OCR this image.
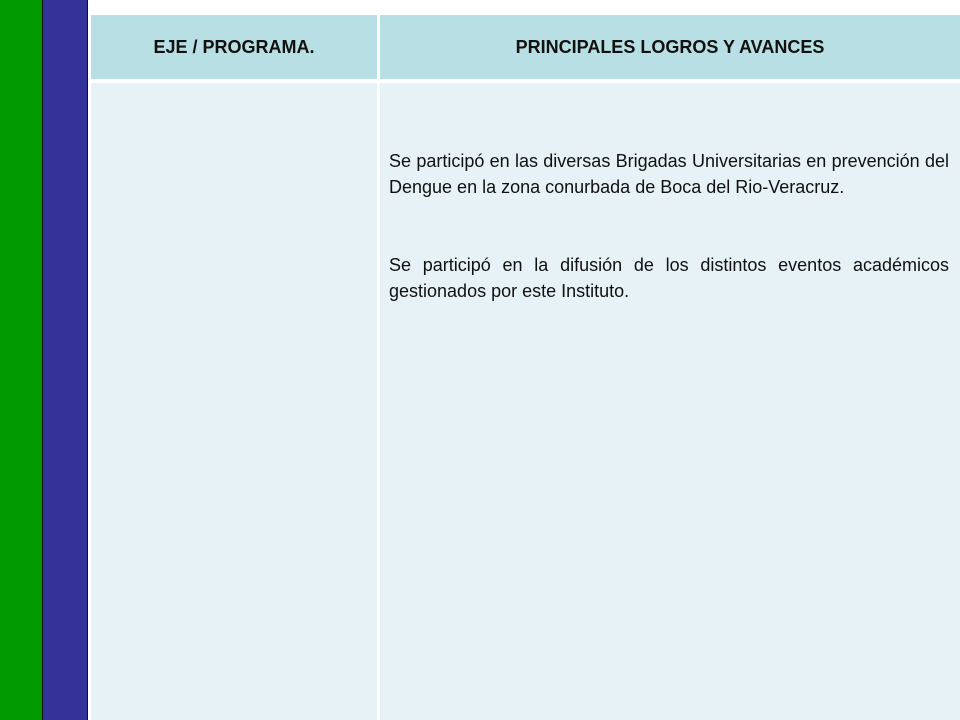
EJE / PROGRAMA.	PRINCIPALES LOGROS Y AVANCES

Se participó en las diversas Brigadas Universitarias en prevención del Dengue en la zona conurbada de Boca del Rio-Veracruz.

Se participó en la difusión de los distintos eventos académicos gestionados por este Instituto.
